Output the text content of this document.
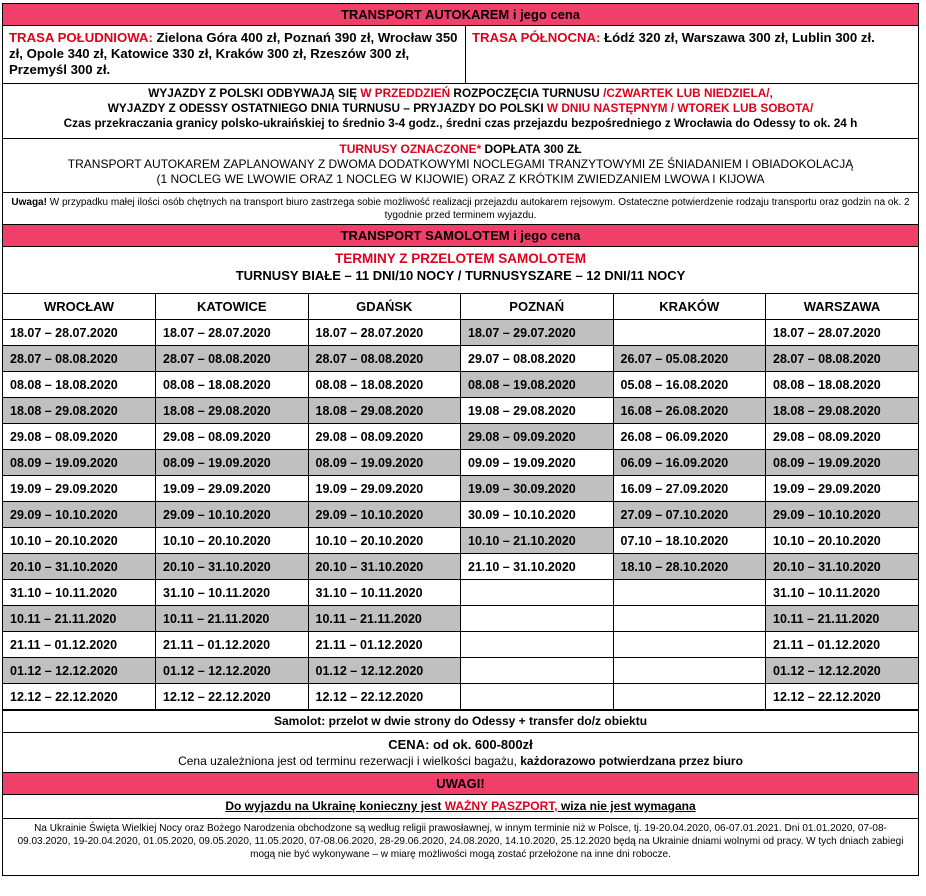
TRANSPORT AUTOKAREM i jego cena
TRASA POŁUDNIOWA: Zielona Góra 400 zł, Poznań 390 zł, Wrocław 350 zł, Opole 340 zł, Katowice 330 zł, Kraków 300 zł, Rzeszów 300 zł, Przemyśl 300 zł.
TRASA PÓŁNOCNA: Łódź 320 zł, Warszawa 300 zł, Lublin 300 zł.
WYJAZDY Z POLSKI ODBYWAJĄ SIĘ W PRZEDDZIEŃ ROZPOCZĘCIA TURNUSU /CZWARTEK LUB NIEDZIELA/,
WYJAZDY Z ODESSY OSTATNIEGO DNIA TURNUSU – PRYJAZDY DO POLSKI W DNIU NASTĘPNYM / WTOREK LUB SOBOTA/
Czas przekraczania granicy polsko-ukraińskiej to średnio 3-4 godz., średni czas przejazdu bezpośredniego z Wrocławia do Odessy to ok. 24 h
TURNUSY OZNACZONE* DOPŁATA 300 ZŁ
TRANSPORT AUTOKAREM ZAPLANOWANY Z DWOMA DODATKOWYMI NOCLEGAMI TRANZYTOWYMI ZE ŚNIADANIEM I OBIADOKOLACJĄ
(1 NOCLEG WE LWOWIE ORAZ 1 NOCLEG W KIJOWIE) ORAZ Z KRÓTKIM ZWIEDZANIEM LWOWA I KIJOWA
Uwaga! W przypadku małej ilości osób chętnych na transport biuro zastrzega sobie możliwość realizacji przejazdu autokarem rejsowym. Ostateczne potwierdzenie rodzaju transportu oraz godzin na ok. 2 tygodnie przed terminem wyjazdu.
TRANSPORT SAMOLOTEM i jego cena
TERMINY Z PRZELOTEM SAMOLOTEM
TURNUSY BIAŁE – 11 DNI/10 NOCY / TURNUSYSZARE – 12 DNI/11 NOCY
WROCŁAW	KATOWICE	GDAŃSK	POZNAŃ	KRAKÓW	WARSZAWA
18.07 – 28.07.2020	18.07 – 28.07.2020	18.07 – 28.07.2020	18.07 – 29.07.2020		18.07 – 28.07.2020
28.07 – 08.08.2020	28.07 – 08.08.2020	28.07 – 08.08.2020	29.07 – 08.08.2020	26.07 – 05.08.2020	28.07 – 08.08.2020
08.08 – 18.08.2020	08.08 – 18.08.2020	08.08 – 18.08.2020	08.08 – 19.08.2020	05.08 – 16.08.2020	08.08 – 18.08.2020
18.08 – 29.08.2020	18.08 – 29.08.2020	18.08 – 29.08.2020	19.08 – 29.08.2020	16.08 – 26.08.2020	18.08 – 29.08.2020
29.08 – 08.09.2020	29.08 – 08.09.2020	29.08 – 08.09.2020	29.08 – 09.09.2020	26.08 – 06.09.2020	29.08 – 08.09.2020
08.09 – 19.09.2020	08.09 – 19.09.2020	08.09 – 19.09.2020	09.09 – 19.09.2020	06.09 – 16.09.2020	08.09 – 19.09.2020
19.09 – 29.09.2020	19.09 – 29.09.2020	19.09 – 29.09.2020	19.09 – 30.09.2020	16.09 – 27.09.2020	19.09 – 29.09.2020
29.09 – 10.10.2020	29.09 – 10.10.2020	29.09 – 10.10.2020	30.09 – 10.10.2020	27.09 – 07.10.2020	29.09 – 10.10.2020
10.10 – 20.10.2020	10.10 – 20.10.2020	10.10 – 20.10.2020	10.10 – 21.10.2020	07.10 – 18.10.2020	10.10 – 20.10.2020
20.10 – 31.10.2020	20.10 – 31.10.2020	20.10 – 31.10.2020	21.10 – 31.10.2020	18.10 – 28.10.2020	20.10 – 31.10.2020
31.10 – 10.11.2020	31.10 – 10.11.2020	31.10 – 10.11.2020			31.10 – 10.11.2020
10.11 – 21.11.2020	10.11 – 21.11.2020	10.11 – 21.11.2020			10.11 – 21.11.2020
21.11 – 01.12.2020	21.11 – 01.12.2020	21.11 – 01.12.2020			21.11 – 01.12.2020
01.12 – 12.12.2020	01.12 – 12.12.2020	01.12 – 12.12.2020			01.12 – 12.12.2020
12.12 – 22.12.2020	12.12 – 22.12.2020	12.12 – 22.12.2020			12.12 – 22.12.2020
Samolot: przelot w dwie strony do Odessy + transfer do/z obiektu
CENA: od ok. 600-800zł
Cena uzależniona jest od terminu rezerwacji i wielkości bagażu, każdorazowo potwierdzana przez biuro
UWAGI!
Do wyjazdu na Ukrainę konieczny jest WAŻNY PASZPORT, wiza nie jest wymagana
Na Ukrainie Święta Wielkiej Nocy oraz Bożego Narodzenia obchodzone są według religii prawosławnej, w innym terminie niż w Polsce, tj. 19-20.04.2020, 06-07.01.2021. Dni 01.01.2020, 07-08-09.03.2020, 19-20.04.2020, 01.05.2020, 09.05.2020, 11.05.2020, 07-08.06.2020, 28-29.06.2020, 24.08.2020, 14.10.2020, 25.12.2020 będą na Ukrainie dniami wolnymi od pracy. W tych dniach zabiegi mogą nie być wykonywane – w miarę możliwości mogą zostać przełożone na inne dni robocze.
